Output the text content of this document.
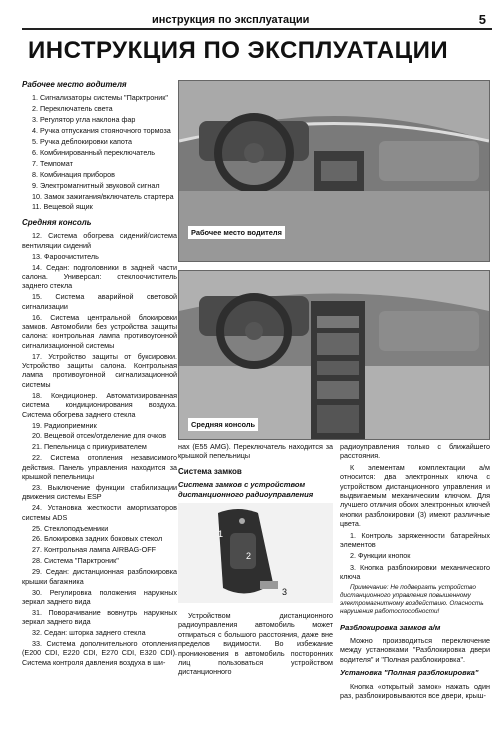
инструкция по эксплуатации	5
ИНСТРУКЦИЯ ПО ЭКСПЛУАТАЦИИ
Рабочее место водителя
1. Сигнализаторы системы "Парктроник"
2. Переключатель света
3. Регулятор угла наклона фар
4. Ручка отпускания стояночного тормоза
5. Ручка деблокировки капота
6. Комбинированный переключатель
7. Темпомат
8. Комбинация приборов
9. Электромагнитный звуковой сигнал
10. Замок зажигания/включатель стартера
11. Вещевой ящик
Средняя консоль
12. Система обогрева сидений/система вентиляции сидений
13. Фароочиститель
14. Седан: подголовники в задней части салона. Универсал: стеклоочиститель заднего стекла
15. Система аварийной световой сигнализации
16. Система центральной блокировки замков. Автомобили без устройства защиты салона: контрольная лампа противоугонной сигнализационной системы
17. Устройство защиты от буксировки. Устройство защиты салона. Контрольная лампа противоугонной сигнализационной системы
18. Кондиционер. Автоматизированная система кондиционирования воздуха. Система обогрева заднего стекла
19. Радиоприемник
20. Вещевой отсек/отделение для очков
21. Пепельница с прикуривателем
22. Система отопления независимого действия. Панель управления находится за крышкой пепельницы
23. Выключение функции стабилизации движения системы ESP
24. Установка жесткости амортизаторов системы ADS
25. Стеклоподъемники
26. Блокировка задних боковых стекол
27. Контрольная лампа AIRBAG-OFF
28. Система "Парктроник"
29. Седан: дистанционная разблокировка крышки багажника
30. Регулировка положения наружных зеркал заднего вида
31. Поворачивание вовнутрь наружных зеркал заднего вида
32. Седан: шторка заднего стекла
33. Система дополнительного отопления (E200 CDI, E220 CDI, E270 CDI, E320 CDI). Система контроля давления воздуха в ши-
Рабочее место водителя
Средняя консоль
нах (E55 AMG). Переключатель находится за крышкой пепельницы
Система замков
Система замков с устройством дистанционного радиоуправления
1
2
3
Устройством дистанционного радиоуправления автомобиль может отпираться с большого расстояния, даже вне пределов видимости. Во избежание проникновения в автомобиль посторонних лиц пользоваться устройством дистанционного
радиоуправления только с ближайшего расстояния.
К элементам комплектации а/м относится: два электронных ключа с устройством дистанционного управления и выдвигаемым механическим ключом. Для лучшего отличия обоих электронных ключей кнопки разблокировки (3) имеют различные цвета.
1. Контроль заряженности батарейных элементов
2. Функции кнопок
3. Кнопка разблокировки механического ключа
Примечание: Не подвергать устройство дистанционного управления повышенному электромагнитному воздействию. Опасность нарушения работоспособности!
Разблокировка замков а/м
Можно производиться переключение между установками "Разблокировка двери водителя" и "Полная разблокировка".
Установка "Полная разблокировка"
Кнопка «открытый замок» нажать один раз, разблокировываются все двери, крыш-
